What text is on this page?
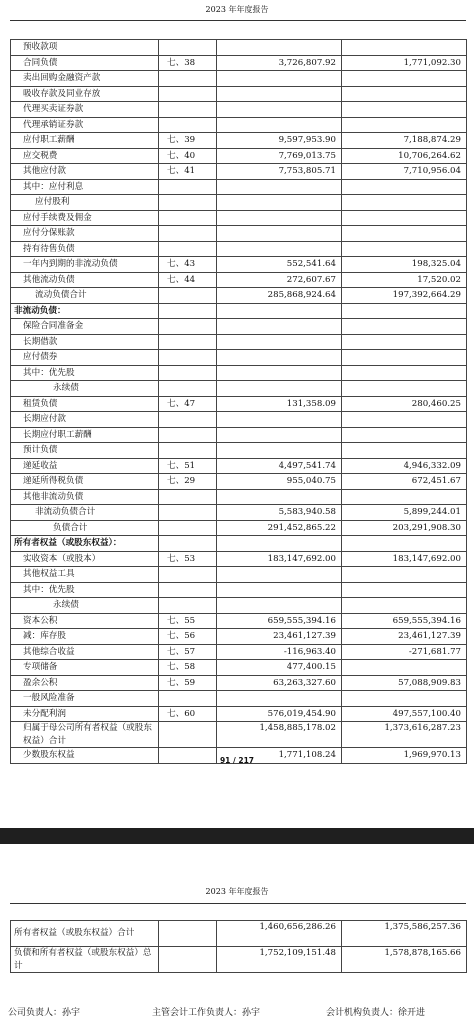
2023 年年度报告
预收款项			
合同负债	七、38	3,726,807.92	1,771,092.30
卖出回购金融资产款			
吸收存款及同业存放			
代理买卖证券款			
代理承销证券款			
应付职工薪酬	七、39	9,597,953.90	7,188,874.29
应交税费	七、40	7,769,013.75	10,706,264.62
其他应付款	七、41	7,753,805.71	7,710,956.04
其中：应付利息			
应付股利			
应付手续费及佣金			
应付分保账款			
持有待售负债			
一年内到期的非流动负债	七、43	552,541.64	198,325.04
其他流动负债	七、44	272,607.67	17,520.02
流动负债合计		285,868,924.64	197,392,664.29
非流动负债：			
保险合同准备金			
长期借款			
应付债券			
其中：优先股			
永续债			
租赁负债	七、47	131,358.09	280,460.25
长期应付款			
长期应付职工薪酬			
预计负债			
递延收益	七、51	4,497,541.74	4,946,332.09
递延所得税负债	七、29	955,040.75	672,451.67
其他非流动负债			
非流动负债合计		5,583,940.58	5,899,244.01
负债合计		291,452,865.22	203,291,908.30
所有者权益（或股东权益）：			
实收资本（或股本）	七、53	183,147,692.00	183,147,692.00
其他权益工具			
其中：优先股			
永续债			
资本公积	七、55	659,555,394.16	659,555,394.16
减：库存股	七、56	23,461,127.39	23,461,127.39
其他综合收益	七、57	-116,963.40	-271,681.77
专项储备	七、58	477,400.15	
盈余公积	七、59	63,263,327.60	57,088,909.83
一般风险准备			
未分配利润	七、60	576,019,454.90	497,557,100.40
归属于母公司所有者权益（或股东权益）合计		1,458,885,178.02	1,373,616,287.23
少数股东权益		1,771,108.24	1,969,970.13
91 / 217
2023 年年度报告
所有者权益（或股东权益）合计		1,460,656,286.26	1,375,586,257.36
负债和所有者权益（或股东权益）总计		1,752,109,151.48	1,578,878,165.66
公司负责人：孙宇	主管会计工作负责人：孙宇	会计机构负责人：徐开进
